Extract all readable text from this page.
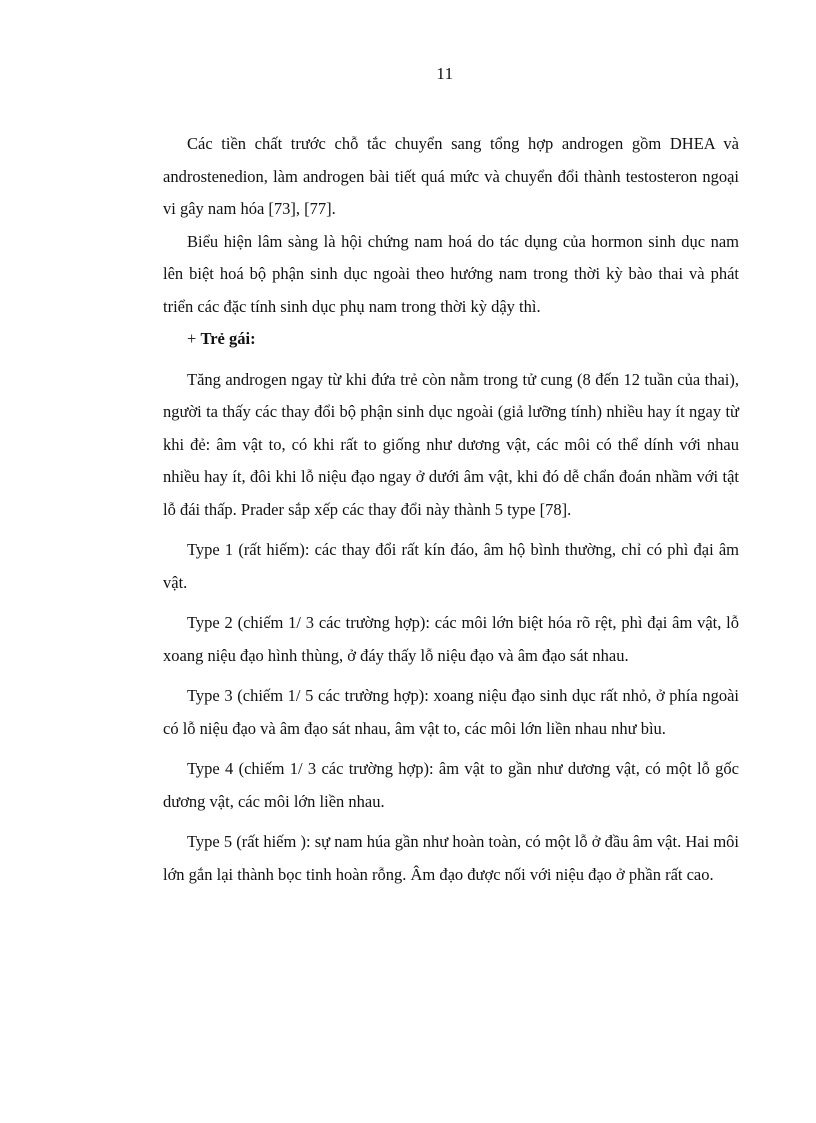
11

Các tiền chất trước chỗ tắc chuyển sang tổng hợp androgen gồm DHEA và androstenedion, làm androgen bài tiết quá mức và chuyển đổi thành testosteron ngoại vi gây nam hóa [73], [77].

Biểu hiện lâm sàng là hội chứng nam hoá do tác dụng của hormon sinh dục nam lên biệt hoá bộ phận sinh dục ngoài theo hướng nam trong thời kỳ bào thai và phát triển các đặc tính sinh dục phụ nam trong thời kỳ dậy thì.

+ Trẻ gái:

Tăng androgen ngay từ khi đứa trẻ còn nằm trong tử cung (8 đến 12 tuần của thai), người ta thấy các thay đổi bộ phận sinh dục ngoài (giả lưỡng tính) nhiều hay ít ngay từ khi đẻ: âm vật to, có khi rất to giống như dương vật, các môi có thể dính với nhau nhiều hay ít, đôi khi lỗ niệu đạo ngay ở dưới âm vật, khi đó dễ chẩn đoán nhầm với tật lỗ đái thấp. Prader sắp xếp các thay đổi này thành 5 type [78].

Type 1 (rất hiếm): các thay đổi rất kín đáo, âm hộ bình thường, chỉ có phì đại âm vật.

Type 2 (chiếm 1/ 3 các trường hợp): các môi lớn biệt hóa rõ rệt, phì đại âm vật, lỗ xoang niệu đạo hình thùng, ở đáy thấy lỗ niệu đạo và âm đạo sát nhau.

Type 3 (chiếm 1/ 5 các trường hợp): xoang niệu đạo sinh dục rất nhỏ, ở phía ngoài có lỗ niệu đạo và âm đạo sát nhau, âm vật to, các môi lớn liền nhau như bìu.

Type 4 (chiếm 1/ 3 các trường hợp): âm vật to gần như dương vật, có một lỗ gốc dương vật, các môi lớn liền nhau.

Type 5 (rất hiếm ): sự nam húa gần như hoàn toàn, có một lỗ ở đầu âm vật. Hai môi lớn gắn lại thành bọc tinh hoàn rỗng. Âm đạo được nối với niệu đạo ở phần rất cao.
